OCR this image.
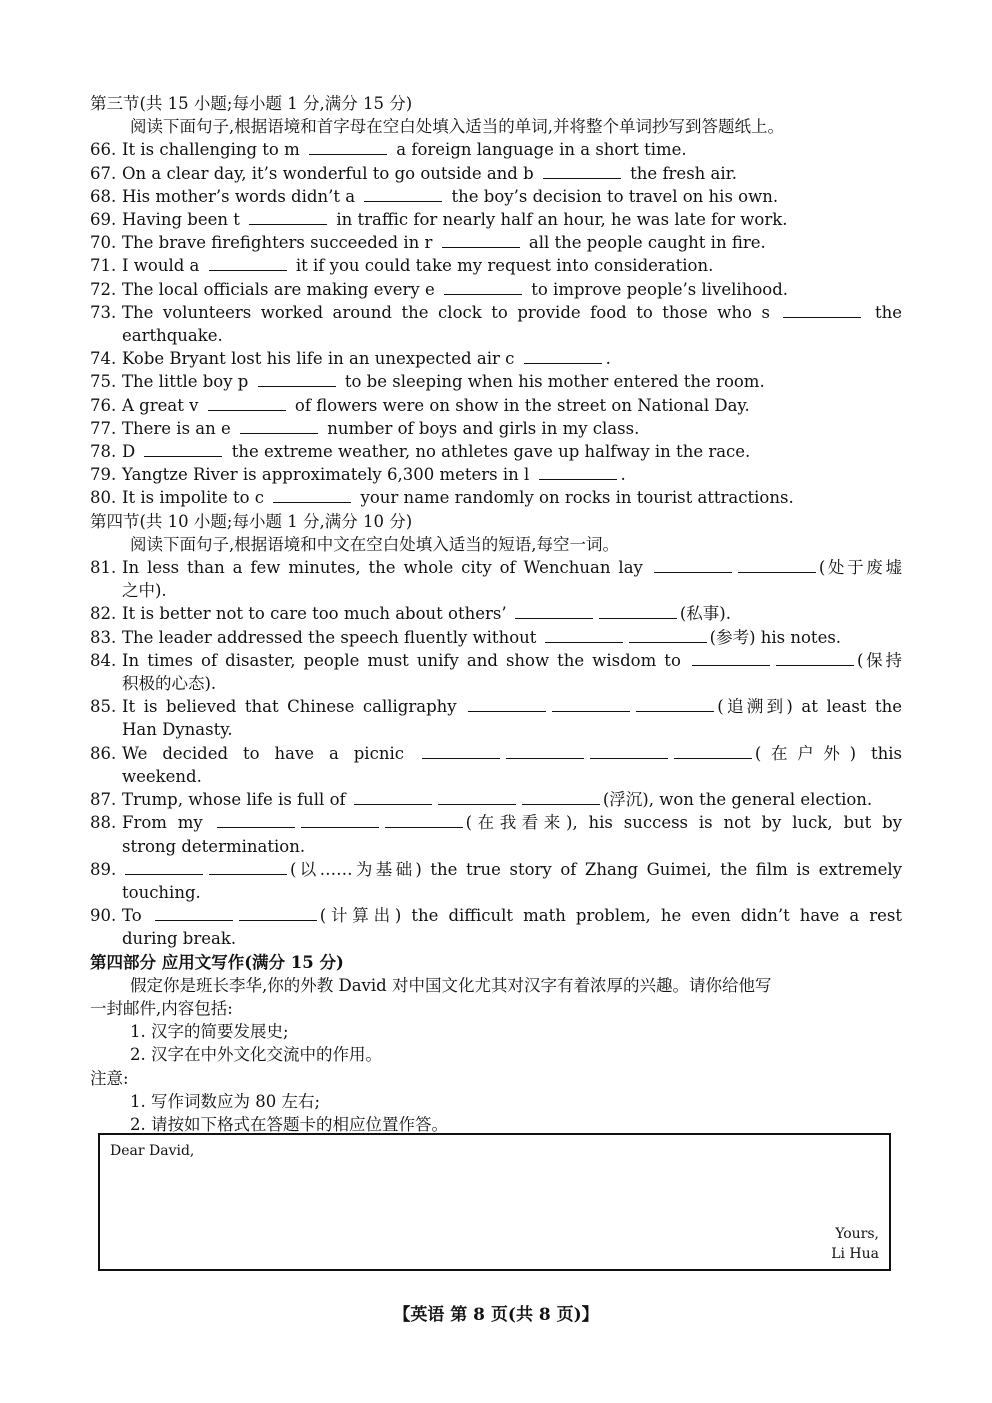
第三节(共 15 小题;每小题 1 分,满分 15 分)
阅读下面句子,根据语境和首字母在空白处填入适当的单词,并将整个单词抄写到答题纸上。
66. It is challenging to m	a foreign language in a short time.
67. On a clear day, it’s wonderful to go outside and b	the fresh air.
68. His mother’s words didn’t a	the boy’s decision to travel on his own.
69. Having been t	in traffic for nearly half an hour, he was late for work.
70. The brave firefighters succeeded in r	all the people caught in fire.
71. I would a	it if you could take my request into consideration.
72. The local officials are making every e	to improve people’s livelihood.
73. The volunteers worked around the clock to provide food to those who s	the
earthquake.
74. Kobe Bryant lost his life in an unexpected air c	.
75. The little boy p	to be sleeping when his mother entered the room.
76. A great v	of flowers were on show in the street on National Day.
77. There is an e	number of boys and girls in my class.
78. D	the extreme weather, no athletes gave up halfway in the race.
79. Yangtze River is approximately 6,300 meters in l	.
80. It is impolite to c	your name randomly on rocks in tourist attractions.
第四节(共 10 小题;每小题 1 分,满分 10 分)
阅读下面句子,根据语境和中文在空白处填入适当的短语,每空一词。
81. In less than a few minutes, the whole city of Wenchuan lay	(处于废墟
之中).
82. It is better not to care too much about others’	(私事).
83. The leader addressed the speech fluently without	(参考) his notes.
84. In times of disaster, people must unify and show the wisdom to	(保持
积极的心态).
85. It is believed that Chinese calligraphy	(追溯到) at least the
Han Dynasty.
86. We decided to have a picnic	(在户外) this
weekend.
87. Trump, whose life is full of	(浮沉), won the general election.
88. From my	(在我看来), his success is not by luck, but by
strong determination.
89.	(以……为基础) the true story of Zhang Guimei, the film is extremely
touching.
90. To	(计算出) the difficult math problem, he even didn’t have a rest
during break.
第四部分 应用文写作(满分 15 分)
假定你是班长李华,你的外教 David 对中国文化尤其对汉字有着浓厚的兴趣。请你给他写
一封邮件,内容包括:
1. 汉字的简要发展史;
2. 汉字在中外文化交流中的作用。
注意:
1. 写作词数应为 80 左右;
2. 请按如下格式在答题卡的相应位置作答。
Dear David,
Yours,
Li Hua
【英语 第 8 页(共 8 页)】
